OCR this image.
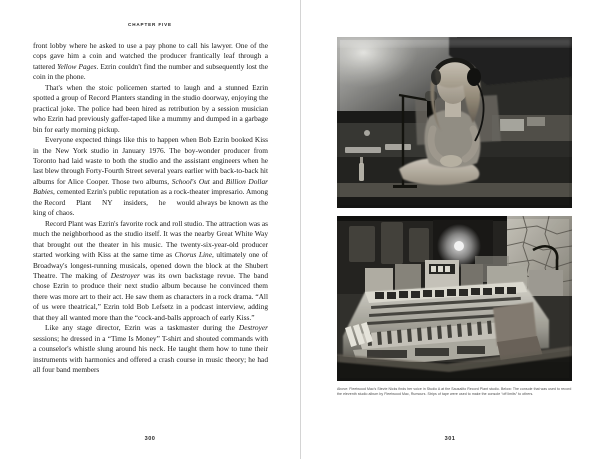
CHAPTER FIVE

front lobby where he asked to use a pay phone to call his lawyer. One of the cops gave him a coin and watched the producer frantically leaf through a tattered Yellow Pages. Ezrin couldn't find the number and subsequently lost the coin in the phone.

That's when the stoic policemen started to laugh and a stunned Ezrin spotted a group of Record Planters standing in the studio doorway, enjoying the practical joke. The police had been hired as retribution by a session musician who Ezrin had previously gaffer-taped like a mummy and dumped in a garbage bin for early morning pickup.

Everyone expected things like this to happen when Bob Ezrin booked Kiss in the New York studio in January 1976. The boy-wonder producer from Toronto had laid waste to both the studio and the assistant engineers when he last blew through Forty-Fourth Street several years earlier with back-to-back hit albums for Alice Cooper. Those two albums, School's Out and Billion Dollar Babies, cemented Ezrin's public reputation as a rock-theater impresario. Among the Record     Plant     NY     insiders,     he     would always be known as the king of chaos.

Record Plant was Ezrin's favorite rock and roll studio. The attraction was as much the neighborhood as the studio itself. It was the nearby Great White Way that brought out the theater in his music. The twenty-six-year-old producer started working with Kiss at the same time as Chorus Line, ultimately one of Broadway's longest-running musicals, opened down the block at the Shubert Theatre. The making of Destroyer was its own backstage revue. The band chose Ezrin to produce their next studio album because he convinced them there was more art to their act. He saw them as characters in a rock drama. “All of us were theatrical,” Ezrin told Bob Lefsetz in a podcast interview, adding that they all wanted more than the “cock-and-balls approach of early Kiss.”

Like any stage director, Ezrin was a taskmaster during the Destroyer sessions; he dressed in a “Time Is Money” T-shirt and shouted commands with a counselor's whistle slung around his neck. He taught them how to tune their instruments with harmonics and offered a crash course in music theory; he had all four band members

300
Above: Fleetwood Mac's Stevie Nicks finds her voice in Studio A at the Sausalito Record Plant studio. Below: The console that was used to record the eleventh studio album by Fleetwood Mac, Rumours. Strips of tape were used to make the console “off limits” to others.
301
